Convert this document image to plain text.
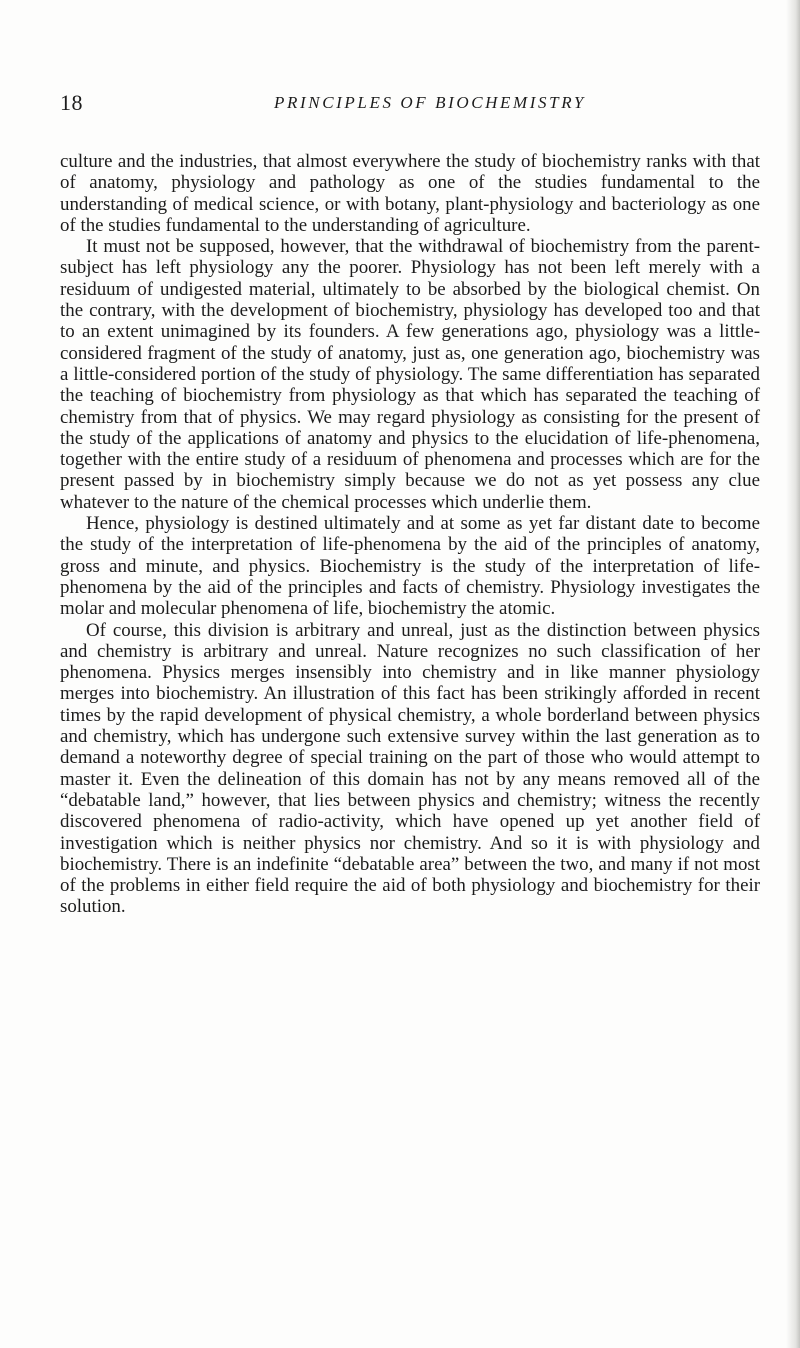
18	PRINCIPLES OF BIOCHEMISTRY

culture and the industries, that almost everywhere the study of biochemistry ranks with that of anatomy, physiology and pathology as one of the studies fundamental to the understanding of medical science, or with botany, plant-physiology and bacteriology as one of the studies fundamental to the understanding of agriculture.

It must not be supposed, however, that the withdrawal of biochemistry from the parent-subject has left physiology any the poorer. Physiology has not been left merely with a residuum of undigested material, ultimately to be absorbed by the biological chemist. On the contrary, with the development of biochemistry, physiology has developed too and that to an extent unimagined by its founders. A few generations ago, physiology was a little-considered fragment of the study of anatomy, just as, one generation ago, biochemistry was a little-considered portion of the study of physiology. The same differentiation has separated the teaching of biochemistry from physiology as that which has separated the teaching of chemistry from that of physics. We may regard physiology as consisting for the present of the study of the applications of anatomy and physics to the elucidation of life-phenomena, together with the entire study of a residuum of phenomena and processes which are for the present passed by in biochemistry simply because we do not as yet possess any clue whatever to the nature of the chemical processes which underlie them.

Hence, physiology is destined ultimately and at some as yet far distant date to become the study of the interpretation of life-phenomena by the aid of the principles of anatomy, gross and minute, and physics. Biochemistry is the study of the interpretation of life-phenomena by the aid of the principles and facts of chemistry. Physiology investigates the molar and molecular phenomena of life, biochemistry the atomic.

Of course, this division is arbitrary and unreal, just as the distinction between physics and chemistry is arbitrary and unreal. Nature recognizes no such classification of her phenomena. Physics merges insensibly into chemistry and in like manner physiology merges into biochemistry. An illustration of this fact has been strikingly afforded in recent times by the rapid development of physical chemistry, a whole borderland between physics and chemistry, which has undergone such extensive survey within the last generation as to demand a noteworthy degree of special training on the part of those who would attempt to master it. Even the delineation of this domain has not by any means removed all of the “debatable land,” however, that lies between physics and chemistry; witness the recently discovered phenomena of radio-activity, which have opened up yet another field of investigation which is neither physics nor chemistry. And so it is with physiology and biochemistry. There is an indefinite “debatable area” between the two, and many if not most of the problems in either field require the aid of both physiology and biochemistry for their solution.
